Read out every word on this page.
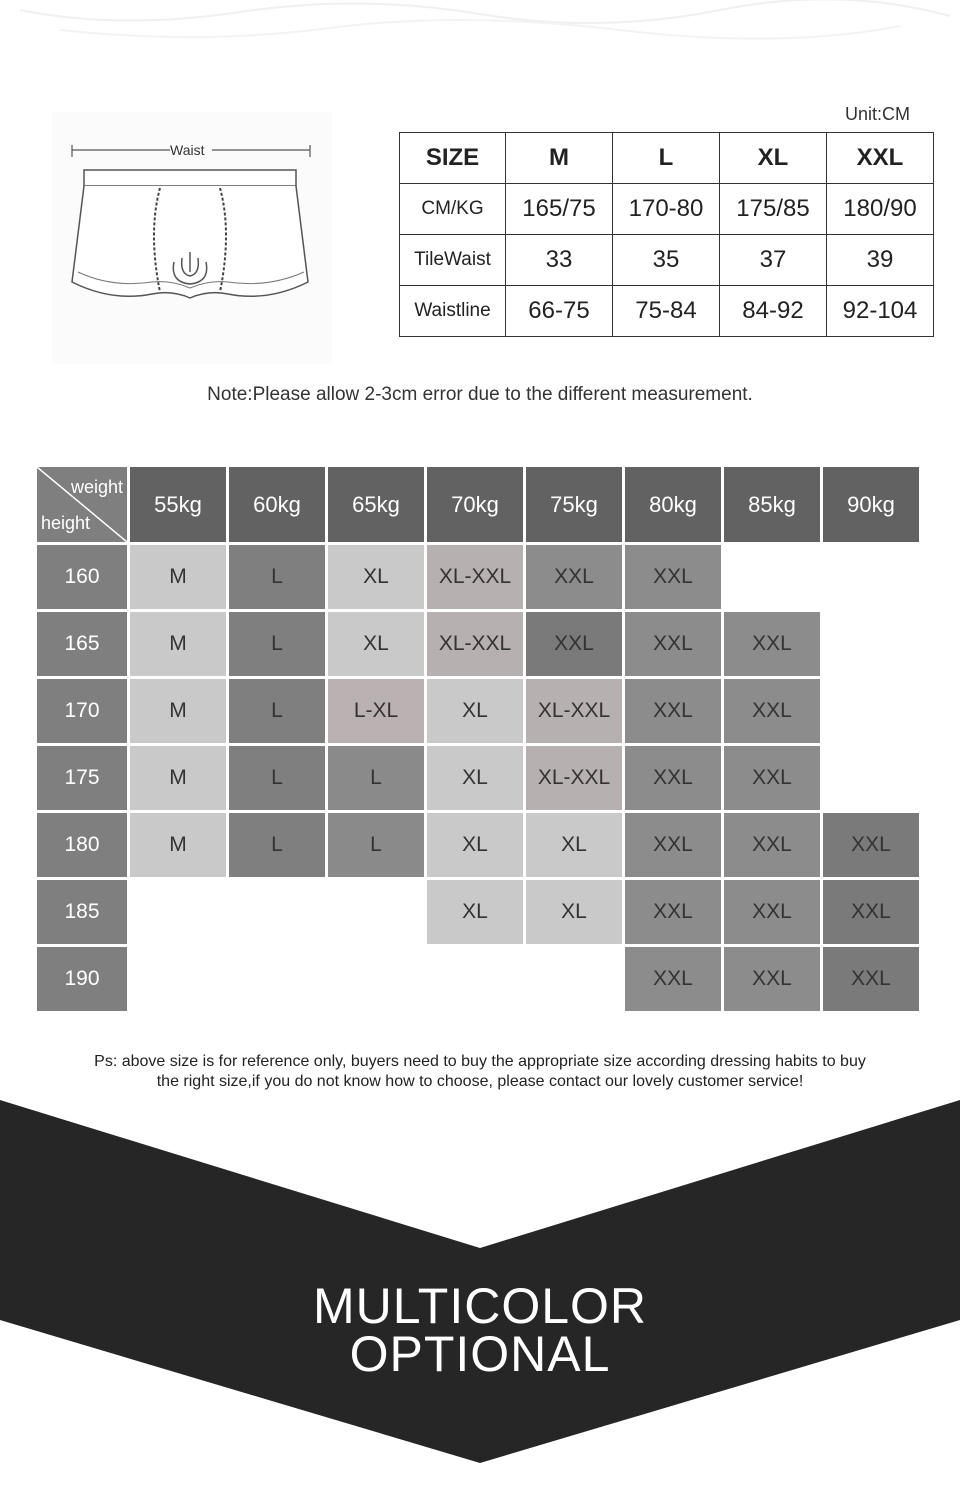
Waist
Unit:CM
SIZE	M	L	XL	XXL
CM/KG	165/75	170-80	175/85	180/90
TileWaist	33	35	37	39
Waistline	66-75	75-84	84-92	92-104
Note:Please allow 2-3cm error due to the different measurement.
weight
height	55kg	60kg	65kg	70kg	75kg	80kg	85kg	90kg
160	M	L	XL	XL-XXL	XXL	XXL		
165	M	L	XL	XL-XXL	XXL	XXL	XXL	
170	M	L	L-XL	XL	XL-XXL	XXL	XXL	
175	M	L	L	XL	XL-XXL	XXL	XXL	
180	M	L	L	XL	XL	XXL	XXL	XXL
185				XL	XL	XXL	XXL	XXL
190						XXL	XXL	XXL
Ps: above size is for reference only, buyers need to buy the appropriate size according dressing habits to buy
the right size,if you do not know how to choose, please contact our lovely customer service!
MULTICOLOR
OPTIONAL
